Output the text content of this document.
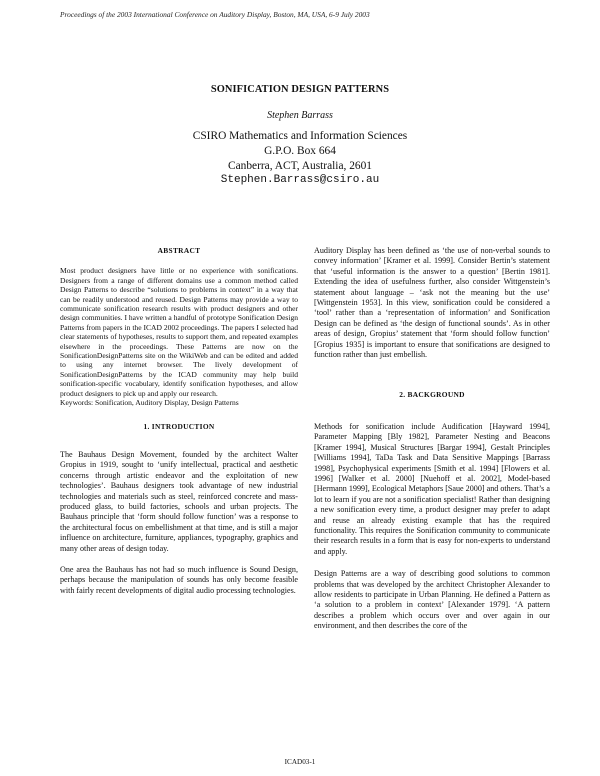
Proceedings of the 2003 International Conference on Auditory Display, Boston, MA, USA, 6-9 July 2003
SONIFICATION DESIGN PATTERNS
Stephen Barrass
CSIRO Mathematics and Information Sciences
G.P.O. Box 664
Canberra, ACT, Australia, 2601
Stephen.Barrass@csiro.au
ABSTRACT

Most product designers have little or no experience with sonifications. Designers from a range of different domains use a common method called Design Patterns to describe “solutions to problems in context” in a way that can be readily understood and reused. Design Patterns may provide a way to communicate sonification research results with product designers and other design communities. I have written a handful of prototype Sonification Design Patterns from papers in the ICAD 2002 proceedings. The papers I selected had clear statements of hypotheses, results to support them, and repeated examples elsewhere in the proceedings. These Patterns are now on the SonificationDesignPatterns site on the WikiWeb and can be edited and added to using any internet browser. The lively development of SonificationDesignPatterns by the ICAD community may help build sonification-specific vocabulary, identify sonification hypotheses, and allow product designers to pick up and apply our research.

Keywords: Sonification, Auditory Display, Design Patterns

1. INTRODUCTION

The Bauhaus Design Movement, founded by the architect Walter Gropius in 1919, sought to ‘unify intellectual, practical and aesthetic concerns through artistic endeavor and the exploitation of new technologies’. Bauhaus designers took advantage of new industrial technologies and materials such as steel, reinforced concrete and mass-produced glass, to build factories, schools and urban projects. The Bauhaus principle that ‘form should follow function’ was a response to the architectural focus on embellishment at that time, and is still a major influence on architecture, furniture, appliances, typography, graphics and many other areas of design today.

One area the Bauhaus has not had so much influence is Sound Design, perhaps because the manipulation of sounds has only become feasible with fairly recent developments of digital audio processing technologies.

Auditory Display has been defined as ‘the use of non-verbal sounds to convey information’ [Kramer et al. 1999]. Consider Bertin’s statement that ‘useful information is the answer to a question’ [Bertin 1981]. Extending the idea of usefulness further, also consider Wittgenstein’s statement about language – ‘ask not the meaning but the use’ [Wittgenstein 1953]. In this view, sonification could be considered a ‘tool’ rather than a ‘representation of information’ and Sonification Design can be defined as ‘the design of functional sounds’. As in other areas of design, Gropius’ statement that ‘form should follow function’ [Gropius 1935] is important to ensure that sonifications are designed to function rather than just embellish.

2. BACKGROUND

Methods for sonification include Audification [Hayward 1994], Parameter Mapping [Bly 1982], Parameter Nesting and Beacons [Kramer 1994], Musical Structures [Bargar 1994], Gestalt Principles [Williams 1994], TaDa Task and Data Sensitive Mappings [Barrass 1998], Psychophysical experiments [Smith et al. 1994] [Flowers et al. 1996] [Walker et al. 2000] [Nuehoff et al. 2002], Model-based [Hermann 1999], Ecological Metaphors [Saue 2000] and others. That’s a lot to learn if you are not a sonification specialist! Rather than designing a new sonification every time, a product designer may prefer to adapt and reuse an already existing example that has the required functionality. This requires the Sonification community to communicate their research results in a form that is easy for non-experts to understand and apply.

Design Patterns are a way of describing good solutions to common problems that was developed by the architect Christopher Alexander to allow residents to participate in Urban Planning. He defined a Pattern as ‘a solution to a problem in context’ [Alexander 1979]. ‘A pattern describes a problem which occurs over and over again in our environment, and then describes the core of the

ICAD03-1
